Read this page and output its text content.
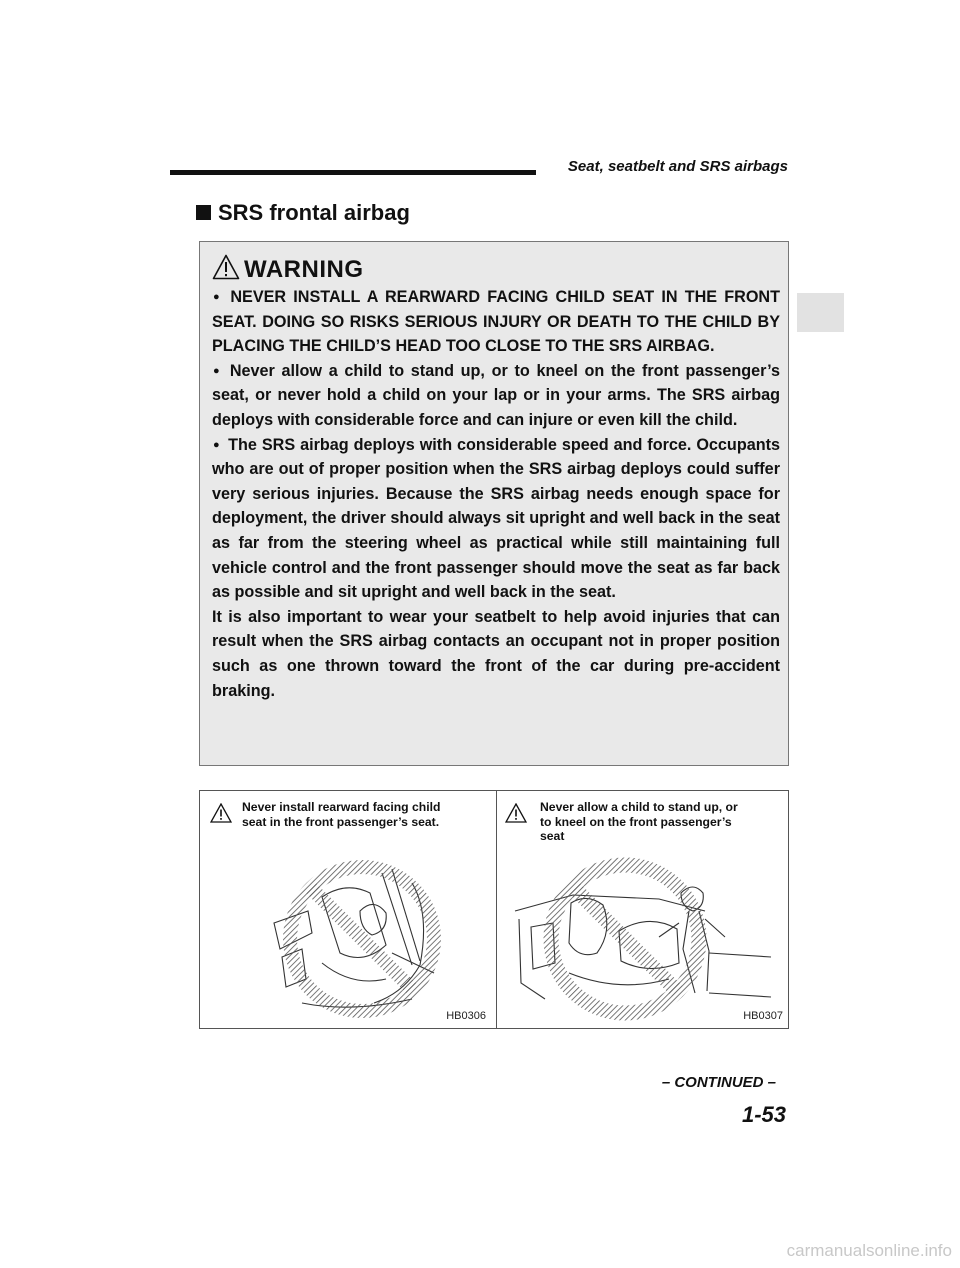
Seat, seatbelt and SRS airbags
SRS frontal airbag
WARNING

● NEVER INSTALL A REARWARD FACING CHILD SEAT IN THE FRONT SEAT. DOING SO RISKS SERIOUS INJURY OR DEATH TO THE CHILD BY PLACING THE CHILD’S HEAD TOO CLOSE TO THE SRS AIRBAG.

● Never allow a child to stand up, or to kneel on the front passenger’s seat, or never hold a child on your lap or in your arms. The SRS airbag deploys with considerable force and can injure or even kill the child.

● The SRS airbag deploys with considerable speed and force. Occupants who are out of proper position when the SRS airbag deploys could suffer very serious injuries. Because the SRS airbag needs enough space for deployment, the driver should always sit upright and well back in the seat as far from the steering wheel as practical while still maintaining full vehicle control and the front passenger should move the seat as far back as possible and sit upright and well back in the seat.

It is also important to wear your seatbelt to help avoid injuries that can result when the SRS airbag contacts an occupant not in proper position such as one thrown toward the front of the car during pre-accident braking.

Never install rearward facing child
seat in the front passenger’s seat.
HB0306
Never allow a child to stand up, or
to kneel on the front passenger’s
seat
HB0307
– CONTINUED –
1-53
carmanualsonline.info
